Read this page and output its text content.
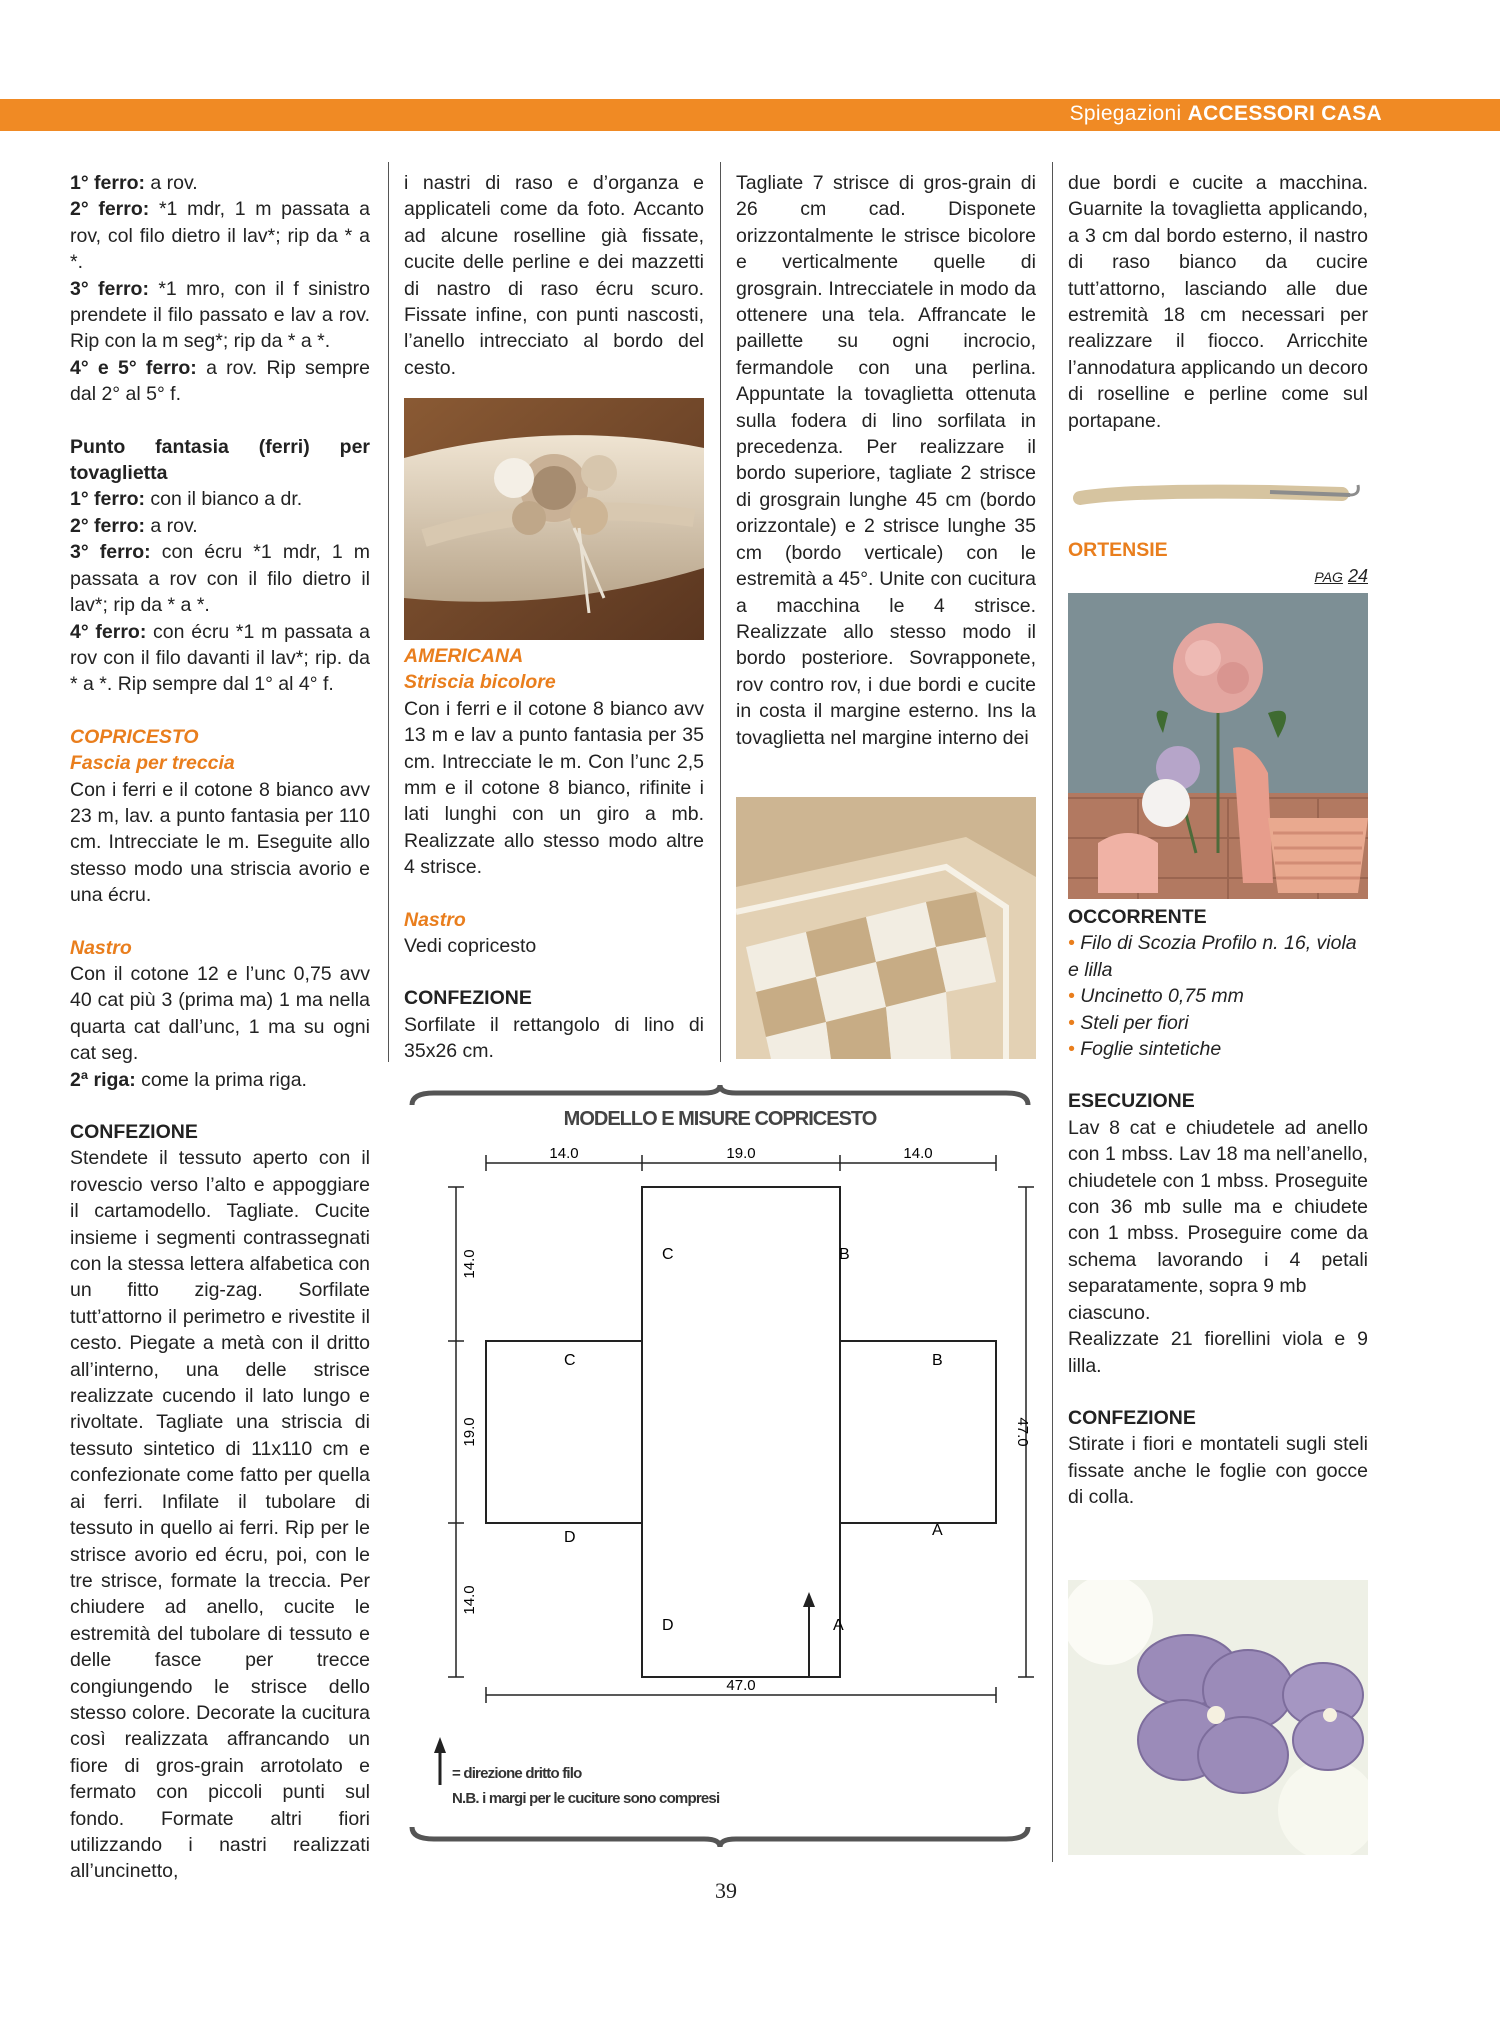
Spiegazioni ACCESSORI CASA

1° ferro: a rov.

2° ferro: *1 mdr, 1 m passata a rov, col filo dietro il lav*; rip da * a *.

3° ferro: *1 mro, con il f sinistro prendete il filo passato e lav a rov. Rip con la m seg*; rip da * a *.

4° e 5° ferro: a rov. Rip sempre dal 2° al 5° f.

Punto fantasia (ferri) per tovaglietta

1° ferro: con il bianco a dr.

2° ferro: a rov.

3° ferro: con écru *1 mdr, 1 m passata a rov con il filo dietro il lav*; rip da * a *.

4° ferro: con écru *1 m passata a rov con il filo davanti il lav*; rip. da * a *. Rip sempre dal 1° al 4° f.

COPRICESTO

Fascia per treccia

Con i ferri e il cotone 8 bianco avv 23 m, lav. a punto fantasia per 110 cm. Intrecciate le m. Eseguite allo stesso modo una striscia avorio e una écru.

Nastro

Con il cotone 12 e l’unc 0,75 avv 40 cat più 3 (prima ma) 1 ma nella quarta cat dall’unc, 1 ma su ogni cat seg.

2ª riga: come la prima riga.

CONFEZIONE

Stendete il tessuto aperto con il rovescio verso l’alto e appoggiare il cartamodello. Tagliate. Cucite insieme i segmenti contrassegnati con la stessa lettera alfabetica con un fitto zig-zag. Sorfilate tutt’attorno il perimetro e rivestite il cesto. Piegate a metà con il dritto all’interno, una delle strisce realizzate cucendo il lato lungo e rivoltate. Tagliate una striscia di tessuto sintetico di 11x110 cm e confezionate come fatto per quella ai ferri. Infilate il tubolare di tessuto in quello ai ferri. Rip per le strisce avorio ed écru, poi, con le tre strisce, formate la treccia. Per chiudere ad anello, cucite le estremità del tubolare di tessuto e delle fasce per trecce congiungendo le strisce dello stesso colore. Decorate la cucitura così realizzata affrancando un fiore di gros-grain arrotolato e fermato con piccoli punti sul fondo. Formate altri fiori utilizzando i nastri realizzati all’uncinetto,

i nastri di raso e d’organza e applicateli come da foto. Accanto ad alcune roselline già fissate, cucite delle perline e dei mazzetti di nastro di raso écru scuro. Fissate infine, con punti nascosti, l’anello intrecciato al bordo del cesto.

AMERICANA

Striscia bicolore

Con i ferri e il cotone 8 bianco avv 13 m e lav a punto fantasia per 35 cm. Intrecciate le m. Con l’unc 2,5 mm e il cotone 8 bianco, rifinite i lati lunghi con un giro a mb. Realizzate allo stesso modo altre 4 strisce.

Nastro

Vedi copricesto

CONFEZIONE

Sorfilate il rettangolo di lino di 35x26 cm.

Tagliate 7 strisce di gros-grain di 26 cm cad. Disponete orizzontalmente le strisce bicolore e verticalmente quelle di grosgrain. Intrecciatele in modo da ottenere una tela. Affrancate le paillette su ogni incrocio, fermandole con una perlina. Appuntate la tovaglietta ottenuta sulla fodera di lino sorfilata in precedenza. Per realizzare il bordo superiore, tagliate 2 strisce di grosgrain lunghe 45 cm (bordo orizzontale) e 2 strisce lunghe 35 cm (bordo verticale) con le estremità a 45°. Unite con cucitura a macchina le 4 strisce. Realizzate allo stesso modo il bordo posteriore. Sovrapponete, rov contro rov, i due bordi e cucite in costa il margine esterno. Ins la tovaglietta nel margine interno dei

due bordi e cucite a macchina. Guarnite la tovaglietta applicando, a 3 cm dal bordo esterno, il nastro di raso bianco da cucire tutt’attorno, lasciando alle due estremità 18 cm necessari per realizzare il fiocco. Arricchite l’annodatura applicando un decoro di roselline e perline come sul portapane.

ORTENSIE

PAG 24

OCCORRENTE

• Filo di Scozia Profilo n. 16, viola e lilla

• Uncinetto 0,75 mm

• Steli per fiori

• Foglie sintetiche

ESECUZIONE

Lav 8 cat e chiudetele ad anello con 1 mbss. Lav 18 ma nell’anello, chiudetele con 1 mbss. Proseguite con 36 mb sulle ma e chiudete con 1 mbss. Proseguire come da schema lavorando i 4 petali separatamente, sopra 9 mb

ciascuno.

Realizzate 21 fiorellini viola e 9 lilla.

CONFEZIONE

Stirate i fiori e montateli sugli steli fissate anche le foglie con gocce di colla.

MODELLO E MISURE COPRICESTO
14.0	19.0	14.0
14.0
19.0
14.0
47.0
47.0
C	B
C	B
D	A
D	A
= direzione dritto filo
N.B. i margi per le cuciture sono compresi
39
